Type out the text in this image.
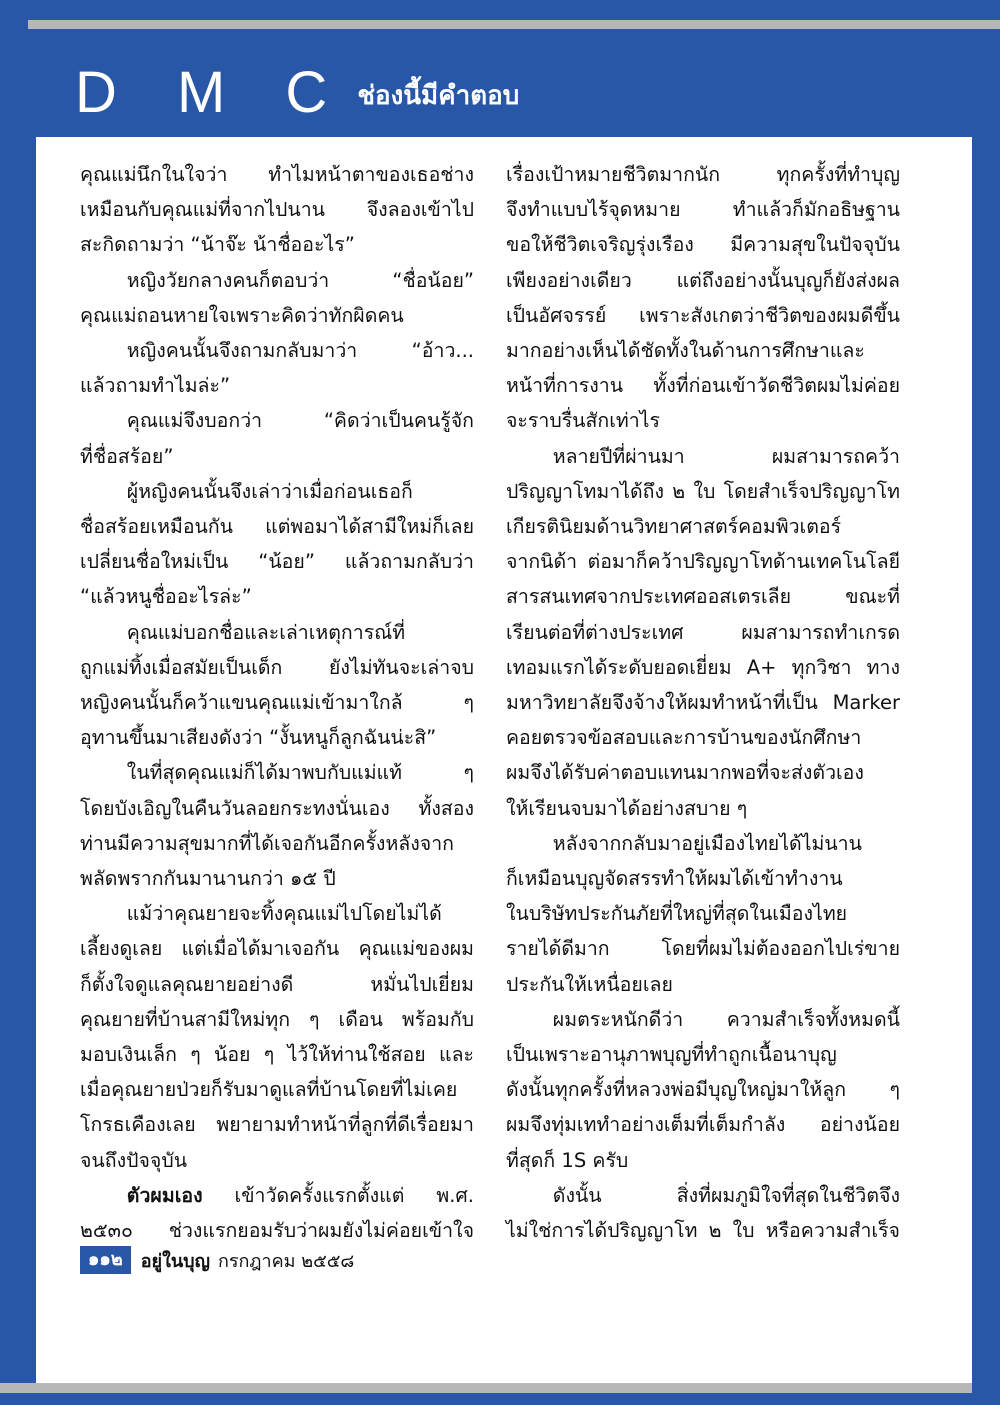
D M C ช่องนี้มีคำตอบ

คุณแม่นึกในใจว่า ทำไมหน้าตาของเธอช่าง

เหมือนกับคุณแม่ที่จากไปนาน จึงลองเข้าไป

สะกิดถามว่า “น้าจ๊ะ น้าชื่ออะไร”

หญิงวัยกลางคนก็ตอบว่า “ชื่อน้อย”

คุณแม่ถอนหายใจเพราะคิดว่าทักผิดคน

หญิงคนนั้นจึงถามกลับมาว่า “อ้าว...

แล้วถามทำไมล่ะ”

คุณแม่จึงบอกว่า “คิดว่าเป็นคนรู้จัก

ที่ชื่อสร้อย”

ผู้หญิงคนนั้นจึงเล่าว่าเมื่อก่อนเธอก็

ชื่อสร้อยเหมือนกัน แต่พอมาได้สามีใหม่ก็เลย

เปลี่ยนชื่อใหม่เป็น “น้อย” แล้วถามกลับว่า

“แล้วหนูชื่ออะไรล่ะ”

คุณแม่บอกชื่อและเล่าเหตุการณ์ที่

ถูกแม่ทิ้งเมื่อสมัยเป็นเด็ก ยังไม่ทันจะเล่าจบ

หญิงคนนั้นก็คว้าแขนคุณแม่เข้ามาใกล้ ๆ

อุทานขึ้นมาเสียงดังว่า “งั้นหนูก็ลูกฉันน่ะสิ”

ในที่สุดคุณแม่ก็ได้มาพบกับแม่แท้ ๆ

โดยบังเอิญในคืนวันลอยกระทงนั่นเอง ทั้งสอง

ท่านมีความสุขมากที่ได้เจอกันอีกครั้งหลังจาก

พลัดพรากกันมานานกว่า ๑๕ ปี

แม้ว่าคุณยายจะทิ้งคุณแม่ไปโดยไม่ได้

เลี้ยงดูเลย แต่เมื่อได้มาเจอกัน คุณแม่ของผม

ก็ตั้งใจดูแลคุณยายอย่างดี หมั่นไปเยี่ยม

คุณยายที่บ้านสามีใหม่ทุก ๆ เดือน พร้อมกับ

มอบเงินเล็ก ๆ น้อย ๆ ไว้ให้ท่านใช้สอย และ

เมื่อคุณยายป่วยก็รับมาดูแลที่บ้านโดยที่ไม่เคย

โกรธเคืองเลย พยายามทำหน้าที่ลูกที่ดีเรื่อยมา

จนถึงปัจจุบัน

ตัวผมเอง เข้าวัดครั้งแรกตั้งแต่ พ.ศ.

๒๕๓๐ ช่วงแรกยอมรับว่าผมยังไม่ค่อยเข้าใจ

เรื่องเป้าหมายชีวิตมากนัก ทุกครั้งที่ทำบุญ

จึงทำแบบไร้จุดหมาย ทำแล้วก็มักอธิษฐาน

ขอให้ชีวิตเจริญรุ่งเรือง มีความสุขในปัจจุบัน

เพียงอย่างเดียว แต่ถึงอย่างนั้นบุญก็ยังส่งผล

เป็นอัศจรรย์ เพราะสังเกตว่าชีวิตของผมดีขึ้น

มากอย่างเห็นได้ชัดทั้งในด้านการศึกษาและ

หน้าที่การงาน ทั้งที่ก่อนเข้าวัดชีวิตผมไม่ค่อย

จะราบรื่นสักเท่าไร

หลายปีที่ผ่านมา ผมสามารถคว้า

ปริญญาโทมาได้ถึง ๒ ใบ โดยสำเร็จปริญญาโท

เกียรตินิยมด้านวิทยาศาสตร์คอมพิวเตอร์

จากนิด้า ต่อมาก็คว้าปริญญาโทด้านเทคโนโลยี

สารสนเทศจากประเทศออสเตรเลีย ขณะที่

เรียนต่อที่ต่างประเทศ ผมสามารถทำเกรด

เทอมแรกได้ระดับยอดเยี่ยม A+ ทุกวิชา ทาง

มหาวิทยาลัยจึงจ้างให้ผมทำหน้าที่เป็น Marker

คอยตรวจข้อสอบและการบ้านของนักศึกษา

ผมจึงได้รับค่าตอบแทนมากพอที่จะส่งตัวเอง

ให้เรียนจบมาได้อย่างสบาย ๆ

หลังจากกลับมาอยู่เมืองไทยได้ไม่นาน

ก็เหมือนบุญจัดสรรทำให้ผมได้เข้าทำงาน

ในบริษัทประกันภัยที่ใหญ่ที่สุดในเมืองไทย

รายได้ดีมาก โดยที่ผมไม่ต้องออกไปเร่ขาย

ประกันให้เหนื่อยเลย

ผมตระหนักดีว่า ความสำเร็จทั้งหมดนี้

เป็นเพราะอานุภาพบุญที่ทำถูกเนื้อนาบุญ

ดังนั้นทุกครั้งที่หลวงพ่อมีบุญใหญ่มาให้ลูก ๆ

ผมจึงทุ่มเททำอย่างเต็มที่เต็มกำลัง อย่างน้อย

ที่สุดก็ 1S ครับ

ดังนั้น สิ่งที่ผมภูมิใจที่สุดในชีวิตจึง

ไม่ใช่การได้ปริญญาโท ๒ ใบ หรือความสำเร็จ

๑๑๒	อยู่ในบุญ กรกฎาคม ๒๕๕๘
